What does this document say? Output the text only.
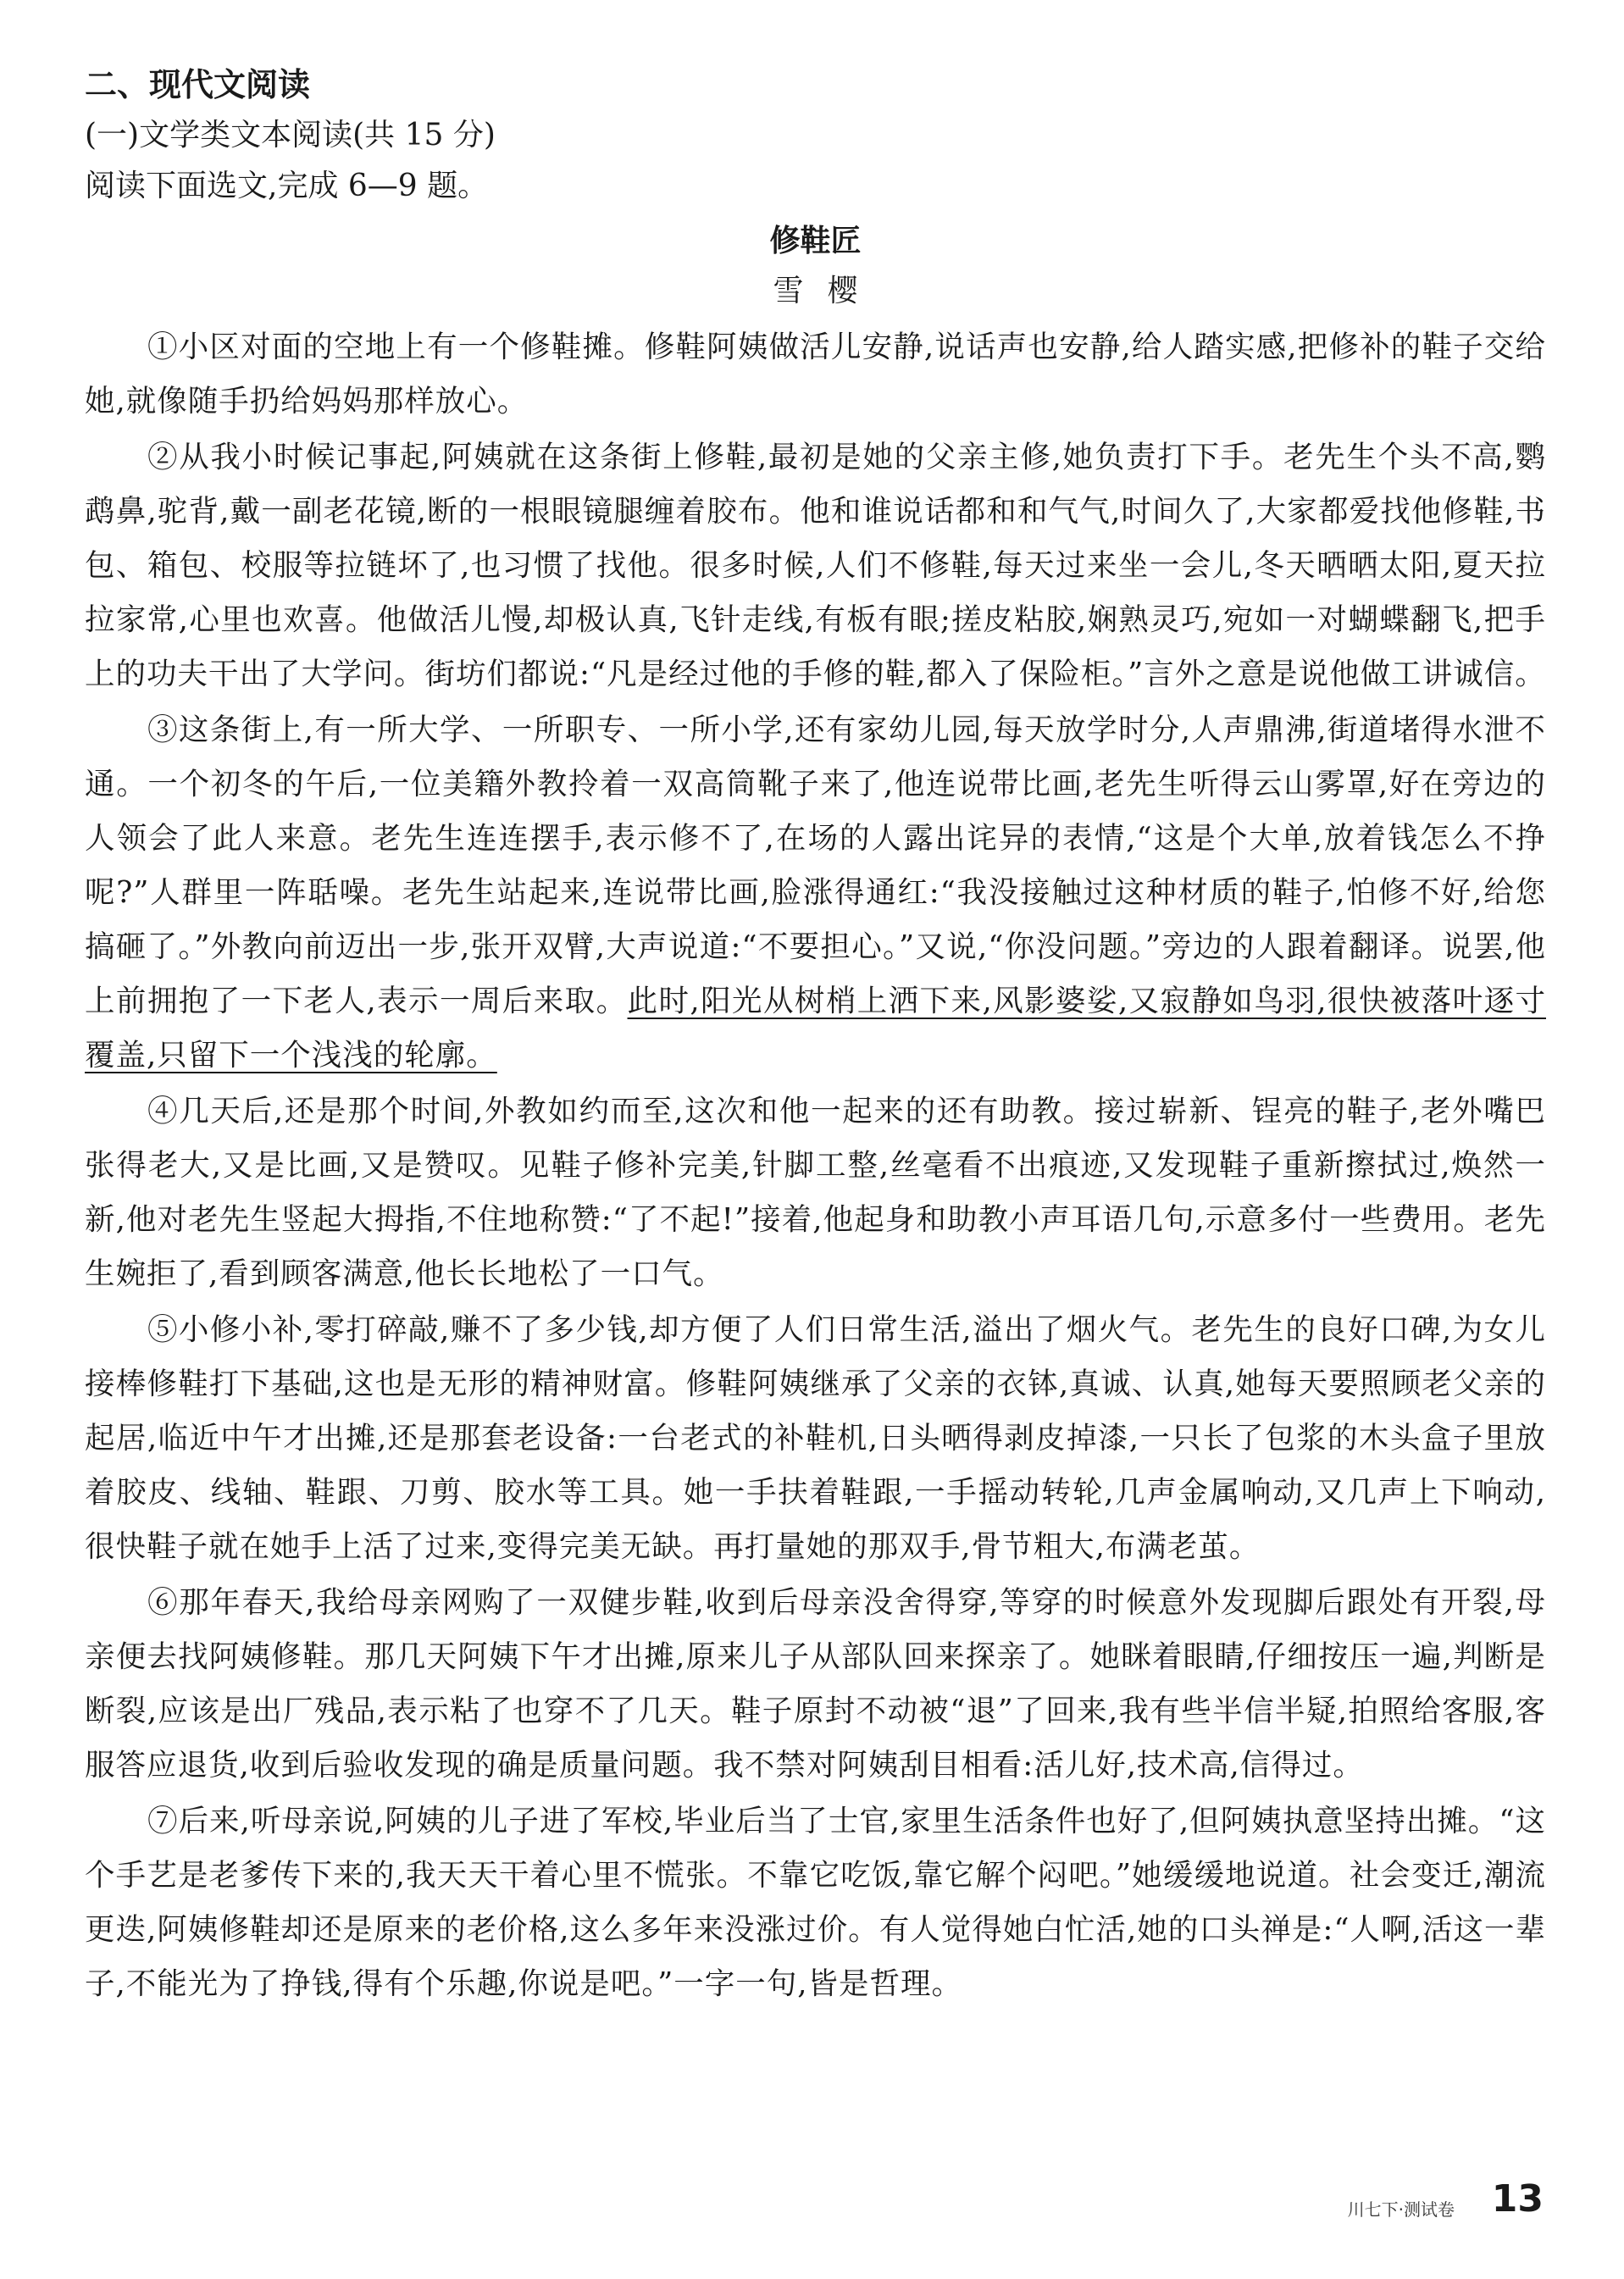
二、现代文阅读

(一)文学类文本阅读(共 15 分)

阅读下面选文,完成 6—9 题。

修鞋匠

雪樱

①小区对面的空地上有一个修鞋摊。修鞋阿姨做活儿安静,说话声也安静,给人踏实感,把修补的鞋子交给她,就像随手扔给妈妈那样放心。

②从我小时候记事起,阿姨就在这条街上修鞋,最初是她的父亲主修,她负责打下手。老先生个头不高,鹦鹉鼻,驼背,戴一副老花镜,断的一根眼镜腿缠着胶布。他和谁说话都和和气气,时间久了,大家都爱找他修鞋,书包、箱包、校服等拉链坏了,也习惯了找他。很多时候,人们不修鞋,每天过来坐一会儿,冬天晒晒太阳,夏天拉拉家常,心里也欢喜。他做活儿慢,却极认真,飞针走线,有板有眼;搓皮粘胶,娴熟灵巧,宛如一对蝴蝶翻飞,把手上的功夫干出了大学问。街坊们都说:“凡是经过他的手修的鞋,都入了保险柜。”言外之意是说他做工讲诚信。

③这条街上,有一所大学、一所职专、一所小学,还有家幼儿园,每天放学时分,人声鼎沸,街道堵得水泄不通。一个初冬的午后,一位美籍外教拎着一双高筒靴子来了,他连说带比画,老先生听得云山雾罩,好在旁边的人领会了此人来意。老先生连连摆手,表示修不了,在场的人露出诧异的表情,“这是个大单,放着钱怎么不挣呢?”人群里一阵聒噪。老先生站起来,连说带比画,脸涨得通红:“我没接触过这种材质的鞋子,怕修不好,给您搞砸了。”外教向前迈出一步,张开双臂,大声说道:“不要担心。”又说,“你没问题。”旁边的人跟着翻译。说罢,他上前拥抱了一下老人,表示一周后来取。此时,阳光从树梢上洒下来,风影婆娑,又寂静如鸟羽,很快被落叶逐寸覆盖,只留下一个浅浅的轮廓。

④几天后,还是那个时间,外教如约而至,这次和他一起来的还有助教。接过崭新、锃亮的鞋子,老外嘴巴张得老大,又是比画,又是赞叹。见鞋子修补完美,针脚工整,丝毫看不出痕迹,又发现鞋子重新擦拭过,焕然一新,他对老先生竖起大拇指,不住地称赞:“了不起!”接着,他起身和助教小声耳语几句,示意多付一些费用。老先生婉拒了,看到顾客满意,他长长地松了一口气。

⑤小修小补,零打碎敲,赚不了多少钱,却方便了人们日常生活,溢出了烟火气。老先生的良好口碑,为女儿接棒修鞋打下基础,这也是无形的精神财富。修鞋阿姨继承了父亲的衣钵,真诚、认真,她每天要照顾老父亲的起居,临近中午才出摊,还是那套老设备:一台老式的补鞋机,日头晒得剥皮掉漆,一只长了包浆的木头盒子里放着胶皮、线轴、鞋跟、刀剪、胶水等工具。她一手扶着鞋跟,一手摇动转轮,几声金属响动,又几声上下响动,很快鞋子就在她手上活了过来,变得完美无缺。再打量她的那双手,骨节粗大,布满老茧。

⑥那年春天,我给母亲网购了一双健步鞋,收到后母亲没舍得穿,等穿的时候意外发现脚后跟处有开裂,母亲便去找阿姨修鞋。那几天阿姨下午才出摊,原来儿子从部队回来探亲了。她眯着眼睛,仔细按压一遍,判断是断裂,应该是出厂残品,表示粘了也穿不了几天。鞋子原封不动被“退”了回来,我有些半信半疑,拍照给客服,客服答应退货,收到后验收发现的确是质量问题。我不禁对阿姨刮目相看:活儿好,技术高,信得过。

⑦后来,听母亲说,阿姨的儿子进了军校,毕业后当了士官,家里生活条件也好了,但阿姨执意坚持出摊。“这个手艺是老爹传下来的,我天天干着心里不慌张。不靠它吃饭,靠它解个闷吧。”她缓缓地说道。社会变迁,潮流更迭,阿姨修鞋却还是原来的老价格,这么多年来没涨过价。有人觉得她白忙活,她的口头禅是:“人啊,活这一辈子,不能光为了挣钱,得有个乐趣,你说是吧。”一字一句,皆是哲理。

川七下·测试卷 13
